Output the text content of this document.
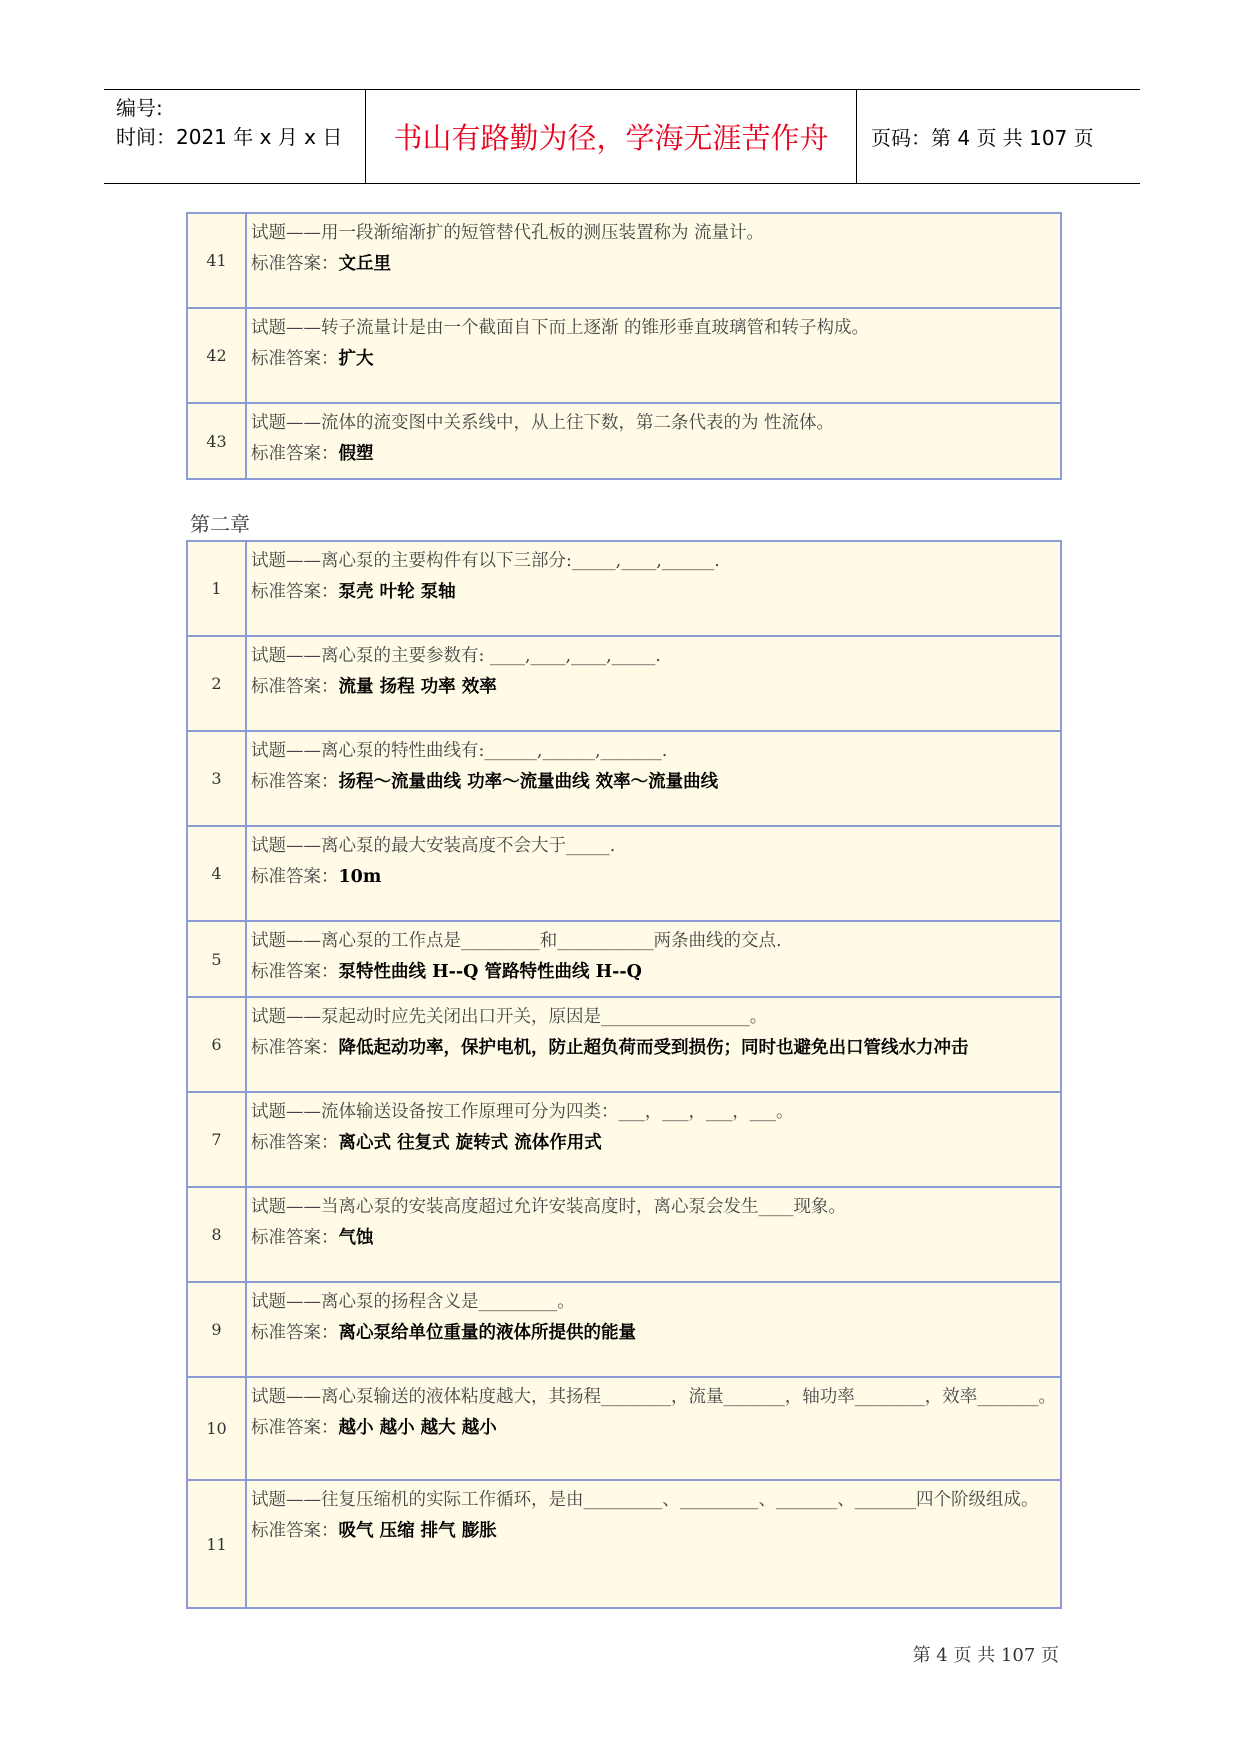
编号:
时间：2021 年 x 月 x 日	书山有路勤为径，学海无涯苦作舟	页码：第 4 页 共 107 页
41	试题——用一段渐缩渐扩的短管替代孔板的测压装置称为 流量计。
标准答案：文丘里

42	试题——转子流量计是由一个截面自下而上逐渐 的锥形垂直玻璃管和转子构成。
标准答案：扩大

43	试题——流体的流变图中关系线中，从上往下数，第二条代表的为 性流体。
标准答案：假塑
第二章
1	试题——离心泵的主要构件有以下三部分:_____,____,______.
标准答案：泵壳 叶轮 泵轴

2	试题——离心泵的主要参数有: ____,____,____,_____.
标准答案：流量 扬程 功率 效率

3	试题——离心泵的特性曲线有:______,______,_______.
标准答案：扬程～流量曲线 功率～流量曲线 效率～流量曲线

4	试题——离心泵的最大安装高度不会大于_____.
标准答案：10m

5	试题——离心泵的工作点是_________和___________两条曲线的交点.
标准答案：泵特性曲线 H--Q 管路特性曲线 H--Q

6	试题——泵起动时应先关闭出口开关，原因是_________________。
标准答案：降低起动功率，保护电机，防止超负荷而受到损伤；同时也避免出口管线水力冲击

7	试题——流体输送设备按工作原理可分为四类：___，___，___，___。
标准答案：离心式 往复式 旋转式 流体作用式

8	试题——当离心泵的安装高度超过允许安装高度时，离心泵会发生____现象。
标准答案：气蚀

9	试题——离心泵的扬程含义是_________。
标准答案：离心泵给单位重量的液体所提供的能量

10	试题——离心泵输送的液体粘度越大，其扬程________，流量_______，轴功率________，效率_______。
标准答案：越小 越小 越大 越小

11	试题——往复压缩机的实际工作循环，是由_________、_________、_______、_______四个阶级组成。
标准答案：吸气 压缩 排气 膨胀
第 4 页 共 107 页
